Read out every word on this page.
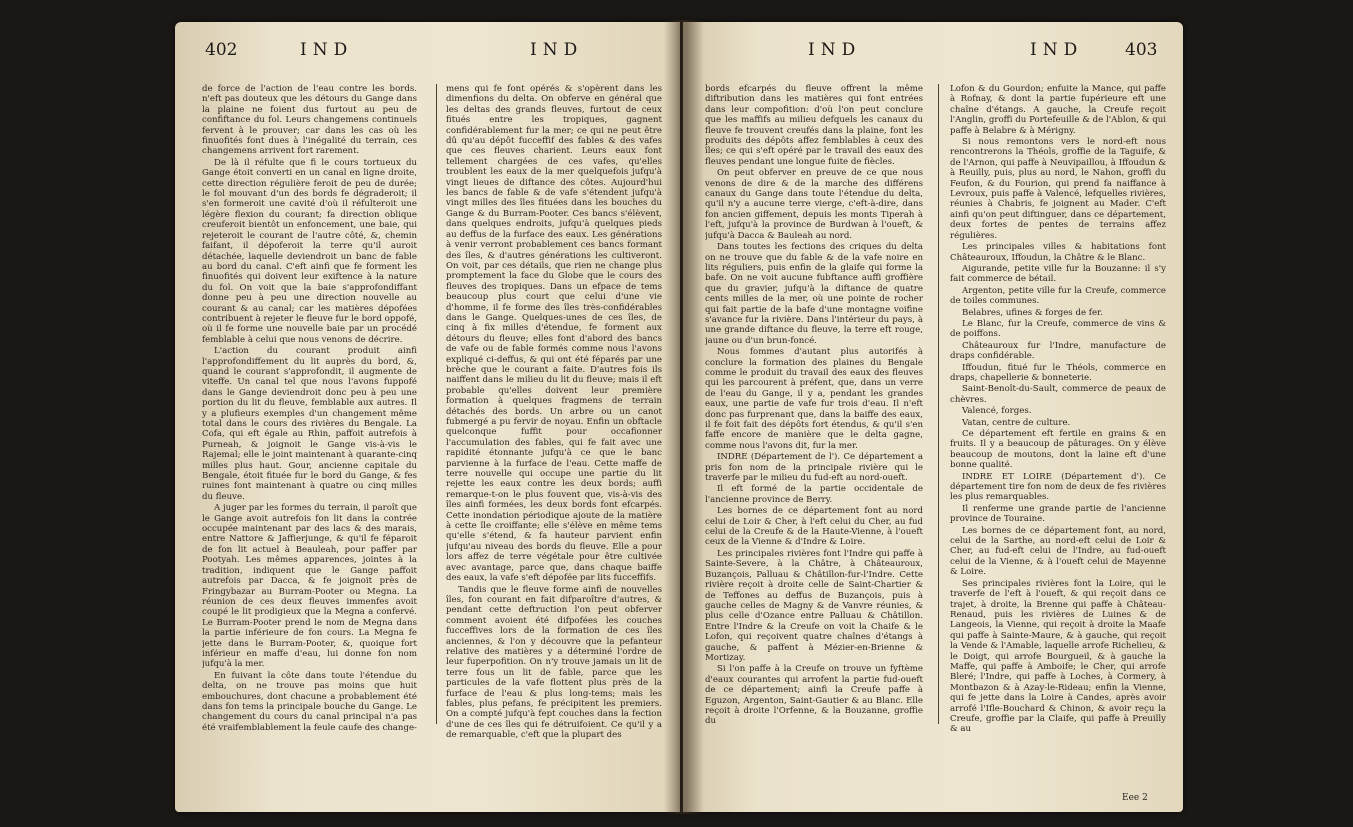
402	IND	IND	IND	IND 403

de force de l'action de l'eau contre les bords. n'eft pas douteux que les détours du Gange dans la plaine ne foient dus furtout au peu de confiftance du fol. Leurs changemens continuels fervent à le prouver; car dans les cas où les finuofités font dues à l'inégalité du terrain, ces changemens arrivent fort rarement.

De là il réfulte que fi le cours tortueux du Gange étoit converti en un canal en ligne droite, cette direction régulière feroit de peu de durée; le fol mouvant d'un des bords fe dégraderoit; il s'en formeroit une cavité d'où il réfulteroit une légère flexion du courant; fa direction oblique creuferoit bientôt un enfoncement, une baie, qui rejeteroit le courant de l'autre côté, &, chemin faifant, il dépoferoit la terre qu'il auroit détachée, laquelle deviendroit un banc de fable au bord du canal. C'eft ainfi que fe forment les finuofités qui doivent leur exiftence à la nature du fol. On voit que la baie s'approfondiffant donne peu à peu une direction nouvelle au courant & au canal; car les matières dépofées contribuent à rejeter le fleuve fur le bord oppofé, où il fe forme une nouvelle baie par un procédé femblable à celui que nous venons de décrire.

L'action du courant produit ainfi l'approfondiffement du lit auprès du bord, &, quand le courant s'approfondit, il augmente de viteffe. Un canal tel que nous l'avons fuppofé dans le Gange deviendroit donc peu à peu une portion du lit du fleuve, femblable aux autres. Il y a plufieurs exemples d'un changement même total dans le cours des rivières du Bengale. La Cofa, qui eft égale au Rhin, paffoit autrefois à Purneah, & joignoit le Gange vis-à-vis le Rajemal; elle le joint maintenant à quarante-cinq milles plus haut. Gour, ancienne capitale du Bengale, étoit fituée fur le bord du Gange, & fes ruines font maintenant à quatre ou cinq milles du fleuve.

A juger par les formes du terrain, il paroît que le Gange avoit autrefois fon lit dans la contrée occupée maintenant par des lacs & des marais, entre Nattore & Jaffierjunge, & qu'il fe féparoit de fon lit actuel à Beauleah, pour paffer par Pootyah. Les mêmes apparences, jointes à la tradition, indiquent que le Gange paffoit autrefois par Dacca, & fe joignoit près de Fringybazar au Burram-Pooter ou Megna. La réunion de ces deux fleuves immenfes avoit coupé le lit prodigieux que la Megna a confervé. Le Burram-Pooter prend le nom de Megna dans la partie inférieure de fon cours. La Megna fe jette dans le Burram-Pooter, &, quoique fort inférieur en maffe d'eau, lui donne fon nom jufqu'à la mer.

En fuivant la côte dans toute l'étendue du delta, on ne trouve pas moins que huit embouchures, dont chacune a probablement été dans fon tems la principale bouche du Gange. Le changement du cours du canal principal n'a pas été vraifemblablement la feule caufe des change-

mens qui fe font opérés & s'opèrent dans les dimenfions du delta. On obferve en général que les deltas des grands fleuves, furtout de ceux fitués entre les tropiques, gagnent confidérablement fur la mer; ce qui ne peut être dû qu'au dépôt fucceffif des fables & des vafes que ces fleuves charient. Leurs eaux font tellement chargées de ces vafes, qu'elles troublent les eaux de la mer quelquefois jufqu'à vingt lieues de diftance des côtes. Aujourd'hui les bancs de fable & de vafe s'étendent jufqu'à vingt milles des îles fituées dans les bouches du Gange & du Burram-Pooter. Ces bancs s'élèvent, dans quelques endroits, jufqu'à quelques pieds au deffus de la furface des eaux. Les générations à venir verront probablement ces bancs formant des îles, & d'autres générations les cultiveront. On voit, par ces détails, que rien ne change plus promptement la face du Globe que le cours des fleuves des tropiques. Dans un efpace de tems beaucoup plus court que celui d'une vie d'homme, il fe forme des îles très-confidérables dans le Gange. Quelques-unes de ces îles, de cinq à fix milles d'étendue, fe forment aux détours du fleuve; elles font d'abord des bancs de vafe ou de fable formés comme nous l'avons expliqué ci-deffus, & qui ont été féparés par une brèche que le courant a faite. D'autres fois ils naiffent dans le milieu du lit du fleuve; mais il eft probable qu'elles doivent leur première formation à quelques fragmens de terrain détachés des bords. Un arbre ou un canot fubmergé a pu fervir de noyau. Enfin un obftacle quelconque fuffit pour occafionner l'accumulation des fables, qui fe fait avec une rapidité étonnante jufqu'à ce que le banc parvienne à la furface de l'eau. Cette maffe de terre nouvelle qui occupe une partie du lit rejette les eaux contre les deux bords; auffi remarque-t-on le plus fouvent que, vis-à-vis des îles ainfi formées, les deux bords font efcarpés. Cette inondation périodique ajoute de la matière à cette île croiffante; elle s'élève en même tems qu'elle s'étend, & fa hauteur parvient enfin jufqu'au niveau des bords du fleuve. Elle a pour lors affez de terre végétale pour être cultivée avec avantage, parce que, dans chaque baiffe des eaux, la vafe s'eft dépofée par lits fucceffifs.

Tandis que le fleuve forme ainfi de nouvelles îles, fon courant en fait difparoître d'autres, & pendant cette deftruction l'on peut obferver comment avoient été difpofées les couches fucceffives lors de la formation de ces îles anciennes, & l'on y découvre que la pefanteur relative des matières y a déterminé l'ordre de leur fuperpofition. On n'y trouve jamais un lit de terre fous un lit de fable, parce que les particules de la vafe flottent plus près de la furface de l'eau & plus long-tems; mais les fables, plus pefans, fe précipitent les premiers. On a compté jufqu'à fept couches dans la fection d'une de ces îles qui fe détruifoient. Ce qu'il y a de remarquable, c'eft que la plupart des

bords efcarpés du fleuve offrent la même diftribution dans les matières qui font entrées dans leur compofition: d'où l'on peut conclure que les maffifs au milieu defquels les canaux du fleuve fe trouvent creufés dans la plaine, font les produits des dépôts affez femblables à ceux des îles; ce qui s'eft opéré par le travail des eaux des fleuves pendant une longue fuite de fiècles.

On peut obferver en preuve de ce que nous venons de dire & de la marche des différens canaux du Gange dans toute l'étendue du delta, qu'il n'y a aucune terre vierge, c'eft-à-dire, dans fon ancien giffement, depuis les monts Tiperah à l'eft, jufqu'à la province de Burdwan à l'oueft, & jufqu'à Dacca & Bauleah au nord.

Dans toutes les fections des criques du delta on ne trouve que du fable & de la vafe noire en lits réguliers, puis enfin de la glaife qui forme la bafe. On ne voit aucune fubftance auffi groffière que du gravier, jufqu'à la diftance de quatre cents milles de la mer, où une pointe de rocher qui fait partie de la bafe d'une montagne voifine s'avance fur la rivière. Dans l'intérieur du pays, à une grande diftance du fleuve, la terre eft rouge, jaune ou d'un brun-foncé.

Nous fommes d'autant plus autorifés à conclure la formation des plaines du Bengale comme le produit du travail des eaux des fleuves qui les parcourent à préfent, que, dans un verre de l'eau du Gange, il y a, pendant les grandes eaux, une partie de vafe fur trois d'eau. Il n'eft donc pas furprenant que, dans la baiffe des eaux, il fe foit fait des dépôts fort étendus, & qu'il s'en faffe encore de manière que le delta gagne, comme nous l'avons dit, fur la mer.

INDRE (Département de l'). Ce département a pris fon nom de la principale rivière qui le traverfe par le milieu du fud-eft au nord-oueft.

Il eft formé de la partie occidentale de l'ancienne province de Berry.

Les bornes de ce département font au nord celui de Loir & Cher, à l'eft celui du Cher, au fud celui de la Creufe & de la Haute-Vienne, à l'oueft ceux de la Vienne & d'Indre & Loire.

Les principales rivières font l'Indre qui paffe à Sainte-Severe, à la Châtre, à Châteauroux, Buzançois, Palluau & Châtillon-fur-l'Indre. Cette rivière reçoit à droite celle de Saint-Chartier & de Teffones au deffus de Buzançois, puis à gauche celles de Magny & de Vanvre réunies, & plus celle d'Ozance entre Palluau & Châtillon. Entre l'Indre & la Creufe on voit la Chaife & le Lofon, qui reçoivent quatre chaînes d'étangs à gauche, & paffent à Mézier-en-Brienne & Mortizay.

Si l'on paffe à la Creufe on trouve un fyftème d'eaux courantes qui arrofent la partie fud-oueft de ce département; ainfi la Creufe paffe à Eguzon, Argenton, Saint-Gautier & au Blanc. Elle reçoit à droite l'Orfenne, & la Bouzanne, groffie du

Lofon & du Gourdon; enfuite la Mance, qui paffe à Rofnay, & dont la partie fupérieure eft une chaîne d'étangs. A gauche, la Creufe reçoit l'Anglin, groffi du Portefeuille & de l'Ablon, & qui paffe à Belabre & à Mérigny.

Si nous remontons vers le nord-eft nous rencontrerons la Théols, groffie de la Taguife, & de l'Arnon, qui paffe à Neuvipaillou, à Iffoudun & à Reuilly, puis, plus au nord, le Nahon, groffi du Feufon, & du Fourion, qui prend fa naiffance à Levroux, puis paffe à Valencé, lefquelles rivières, réunies à Chabris, fe joignent au Mader. C'eft ainfi qu'on peut diftinguer, dans ce département, deux fortes de pentes de terrains affez régulières.

Les principales villes & habitations font Châteauroux, Iffoudun, la Châtre & le Blanc.

Aigurande, petite ville fur la Bouzanne: il s'y fait commerce de bétail.

Argenton, petite ville fur la Creufe, commerce de toiles communes.

Belabres, ufines & forges de fer.

Le Blanc, fur la Creufe, commerce de vins & de poiffons.

Châteauroux fur l'Indre, manufacture de draps confidérable.

Iffoudun, fitué fur le Théols, commerce en draps, chapellerie & bonneterie.

Saint-Benoît-du-Sault, commerce de peaux de chèvres.

Valencé, forges.

Vatan, centre de culture.

Ce département eft fertile en grains & en fruits. Il y a beaucoup de pâturages. On y élève beaucoup de moutons, dont la laine eft d'une bonne qualité.

INDRE ET LOIRE (Département d'). Ce département tire fon nom de deux de fes rivières les plus remarquables.

Il renferme une grande partie de l'ancienne province de Touraine.

Les bornes de ce département font, au nord, celui de la Sarthe, au nord-eft celui de Loir & Cher, au fud-eft celui de l'Indre, au fud-oueft celui de la Vienne, & à l'oueft celui de Mayenne & Loire.

Ses principales rivières font la Loire, qui le traverfe de l'eft à l'oueft, & qui reçoit dans ce trajet, à droite, la Brenne qui paffe à Château-Renaud, puis les rivières de Luines & de Langeois, la Vienne, qui reçoit à droite la Maafe qui paffe à Sainte-Maure, & à gauche, qui reçoit la Vende & l'Amable, laquelle arrofe Richelieu, & le Doigt, qui arrofe Bourgueil, & à gauche la Maffe, qui paffe à Amboife; le Cher, qui arrofe Bleré; l'Indre, qui paffe à Loches, à Cormery, à Montbazon & à Azay-le-Rideau; enfin la Vienne, qui fe jette dans la Loire à Candes, après avoir arrofé l'Ifle-Bouchard & Chinon, & avoir reçu la Creufe, groffie par la Claife, qui paffe à Preuilly & au

Eee 2
